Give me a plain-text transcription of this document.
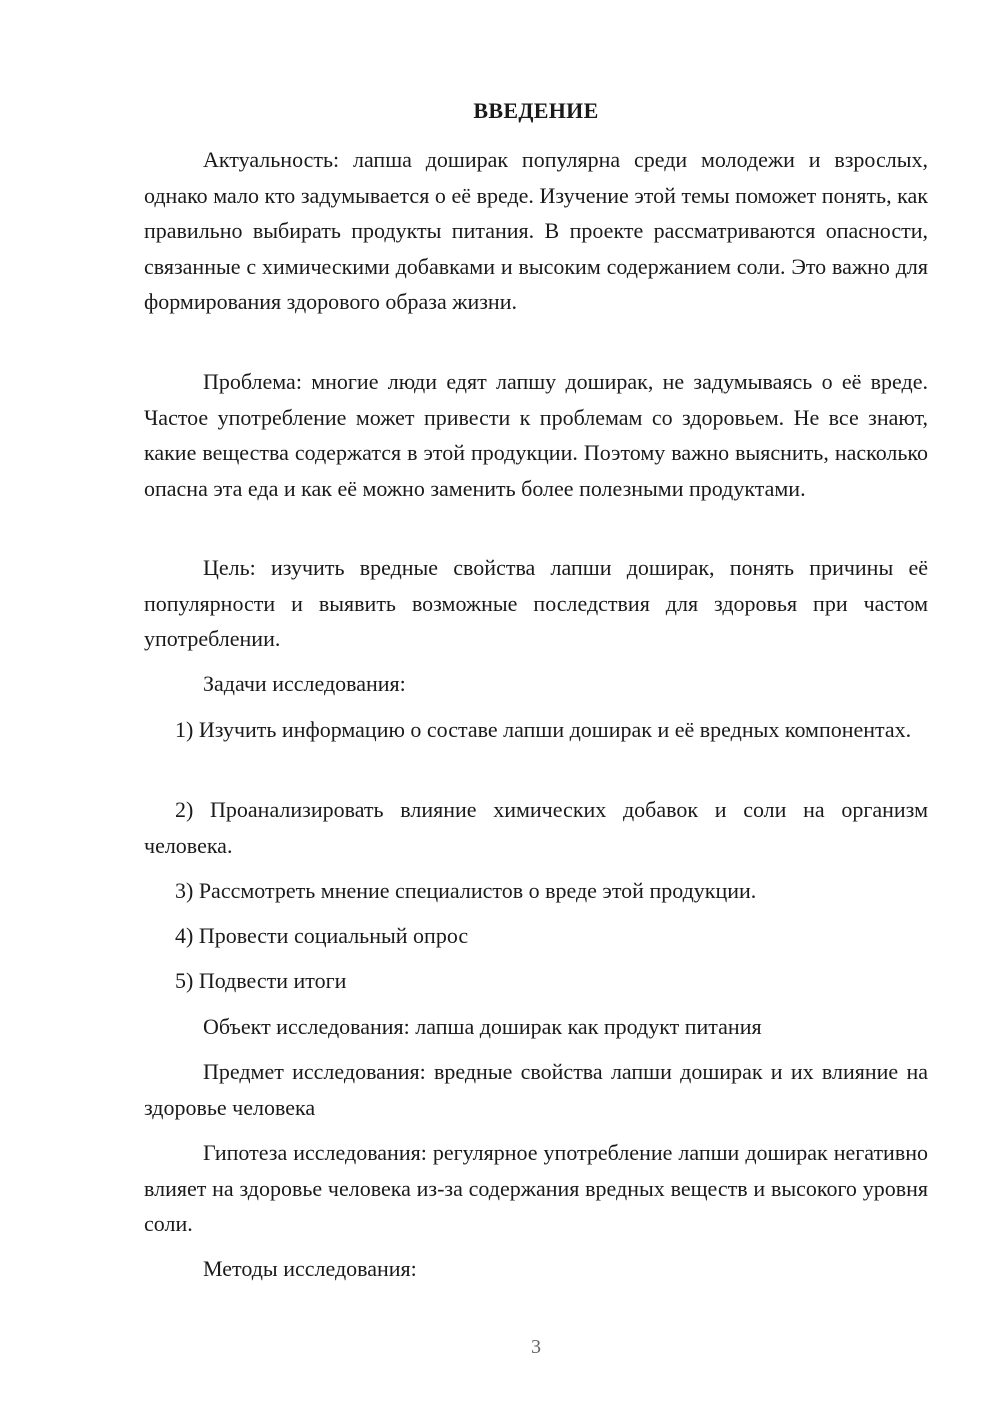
ВВЕДЕНИЕ

Актуальность: лапша доширак популярна среди молодежи и взрослых, однако мало кто задумывается о её вреде. Изучение этой темы поможет понять, как правильно выбирать продукты питания. В проекте рассматриваются опасности, связанные с химическими добавками и высоким содержанием соли. Это важно для формирования здорового образа жизни.

Проблема: многие люди едят лапшу доширак, не задумываясь о её вреде. Частое употребление может привести к проблемам со здоровьем. Не все знают, какие вещества содержатся в этой продукции. Поэтому важно выяснить, насколько опасна эта еда и как её можно заменить более полезными продуктами.

Цель: изучить вредные свойства лапши доширак, понять причины её популярности и выявить возможные последствия для здоровья при частом употреблении.

Задачи исследования:

1) Изучить информацию о составе лапши доширак и её вредных компонентах.

2) Проанализировать влияние химических добавок и соли на организм человека.

3) Рассмотреть мнение специалистов о вреде этой продукции.

4) Провести социальный опрос

5) Подвести итоги

Объект исследования: лапша доширак как продукт питания

Предмет исследования: вредные свойства лапши доширак и их влияние на здоровье человека

Гипотеза исследования: регулярное употребление лапши доширак негативно влияет на здоровье человека из-за содержания вредных веществ и высокого уровня соли.

Методы исследования:

3
